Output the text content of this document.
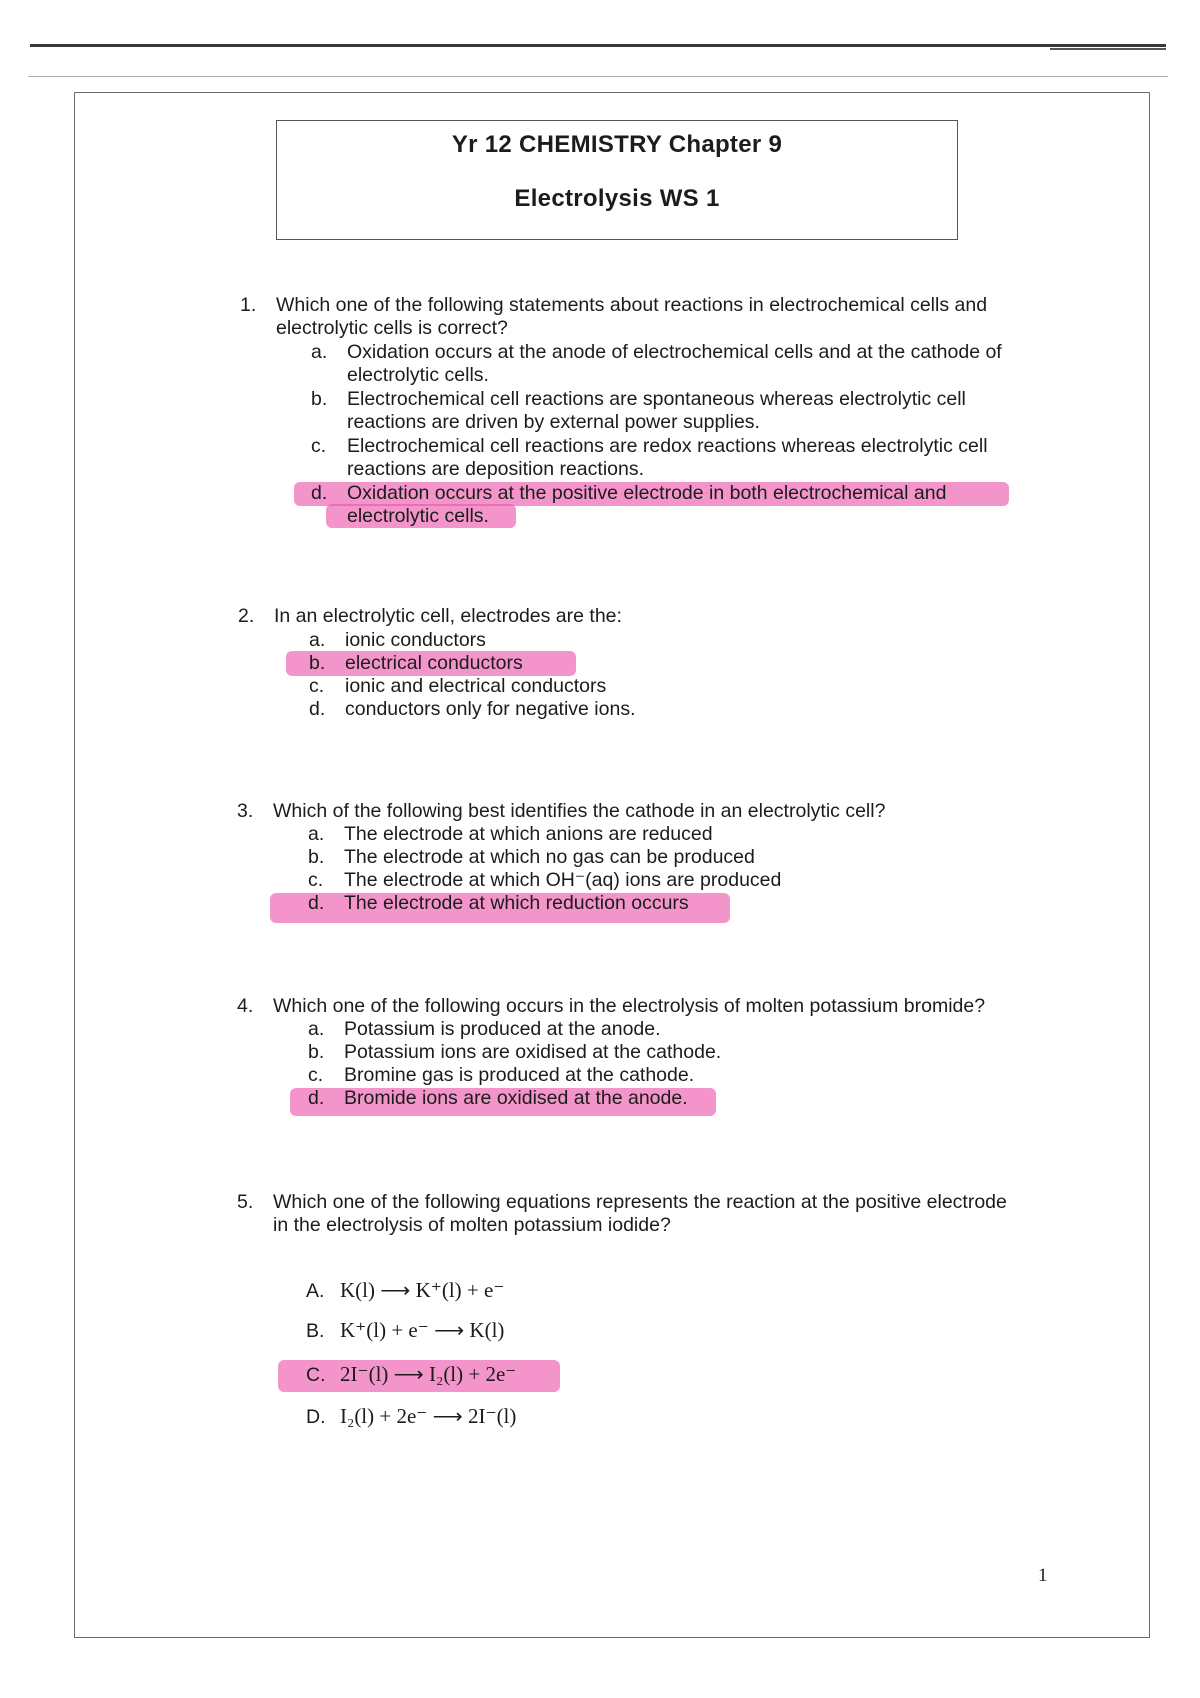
Yr 12 CHEMISTRY Chapter 9
Electrolysis WS 1
1. Which one of the following statements about reactions in electrochemical cells and
electrolytic cells is correct?
a. Oxidation occurs at the anode of electrochemical cells and at the cathode of
electrolytic cells.
b. Electrochemical cell reactions are spontaneous whereas electrolytic cell
reactions are driven by external power supplies.
c. Electrochemical cell reactions are redox reactions whereas electrolytic cell
reactions are deposition reactions.
d. Oxidation occurs at the positive electrode in both electrochemical and
electrolytic cells.
2. In an electrolytic cell, electrodes are the:
a. ionic conductors
b. electrical conductors
c. ionic and electrical conductors
d. conductors only for negative ions.
3. Which of the following best identifies the cathode in an electrolytic cell?
a. The electrode at which anions are reduced
b. The electrode at which no gas can be produced
c. The electrode at which OH⁻(aq) ions are produced
d. The electrode at which reduction occurs
4. Which one of the following occurs in the electrolysis of molten potassium bromide?
a. Potassium is produced at the anode.
b. Potassium ions are oxidised at the cathode.
c. Bromine gas is produced at the cathode.
d. Bromide ions are oxidised at the anode.
5. Which one of the following equations represents the reaction at the positive electrode
in the electrolysis of molten potassium iodide?
A. K(l) ⟶ K⁺(l) + e⁻
B. K⁺(l) + e⁻ ⟶ K(l)
C. 2I⁻(l) ⟶ I₂(l) + 2e⁻
D. I₂(l) + 2e⁻ ⟶ 2I⁻(l)
1
